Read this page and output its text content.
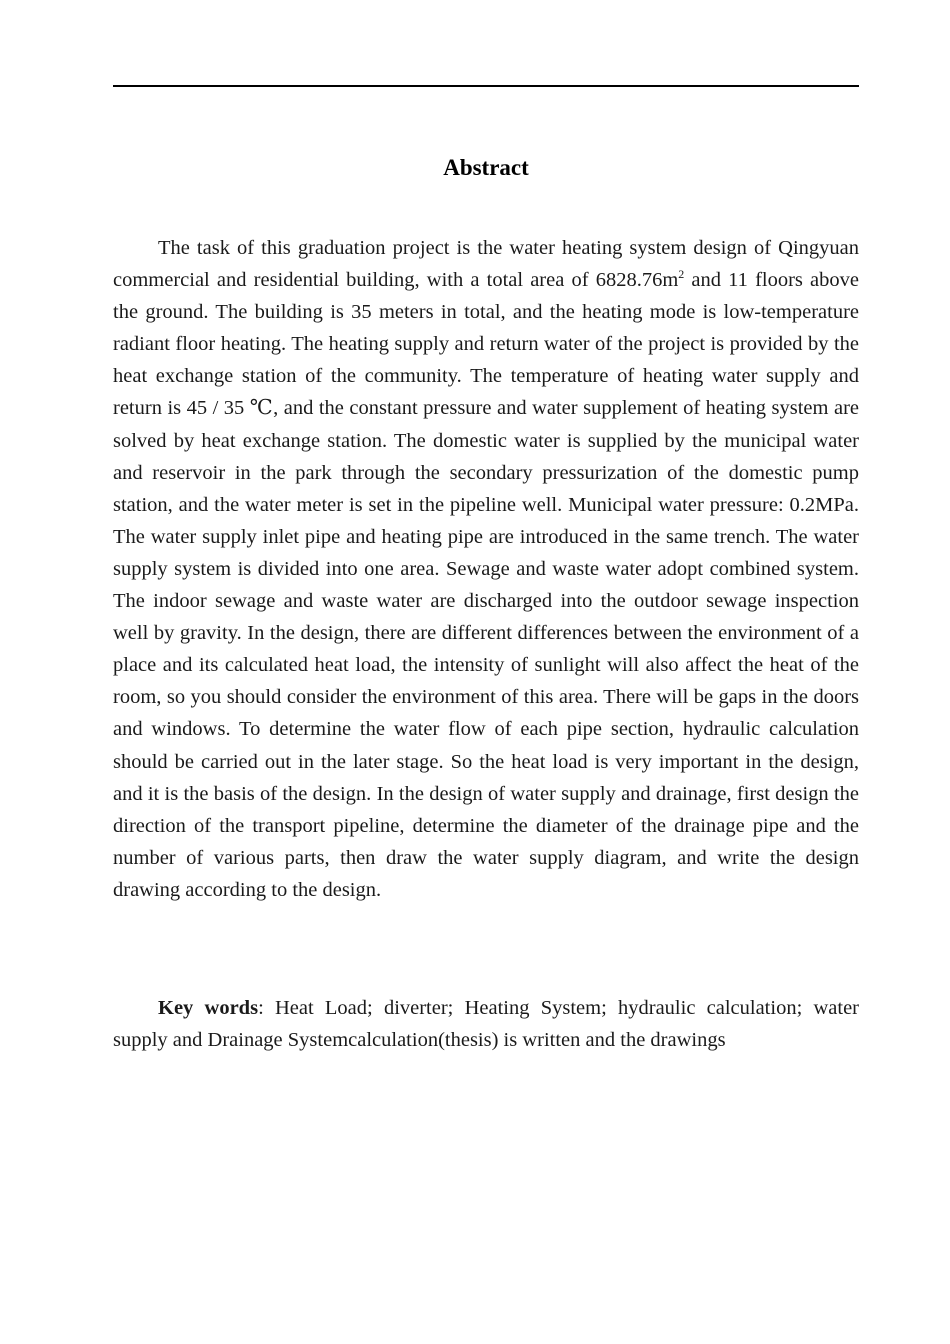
Abstract

The task of this graduation project is the water heating system design of Qingyuan commercial and residential building, with a total area of $6828.76m^2$ and 11 floors above the ground. The building is 35 meters in total, and the heating mode is low-temperature radiant floor heating. The heating supply and return water of the project is provided by the heat exchange station of the community. The temperature of heating water supply and return is 45 / 35 ℃, and the constant pressure and water supplement of heating system are solved by heat exchange station. The domestic water is supplied by the municipal water and reservoir in the park through the secondary pressurization of the domestic pump station, and the water meter is set in the pipeline well. Municipal water pressure: 0.2MPa. The water supply inlet pipe and heating pipe are introduced in the same trench. The water supply system is divided into one area. Sewage and waste water adopt combined system. The indoor sewage and waste water are discharged into the outdoor sewage inspection well by gravity. In the design, there are different differences between the environment of a place and its calculated heat load, the intensity of sunlight will also affect the heat of the room, so you should consider the environment of this area. There will be gaps in the doors and windows. To determine the water flow of each pipe section, hydraulic calculation should be carried out in the later stage. So the heat load is very important in the design, and it is the basis of the design. In the design of water supply and drainage, first design the direction of the transport pipeline, determine the diameter of the drainage pipe and the number of various parts, then draw the water supply diagram, and write the design drawing according to the design.

Key words: Heat Load; diverter; Heating System; hydraulic calculation; water supply and Drainage Systemcalculation(thesis) is written and the drawings
